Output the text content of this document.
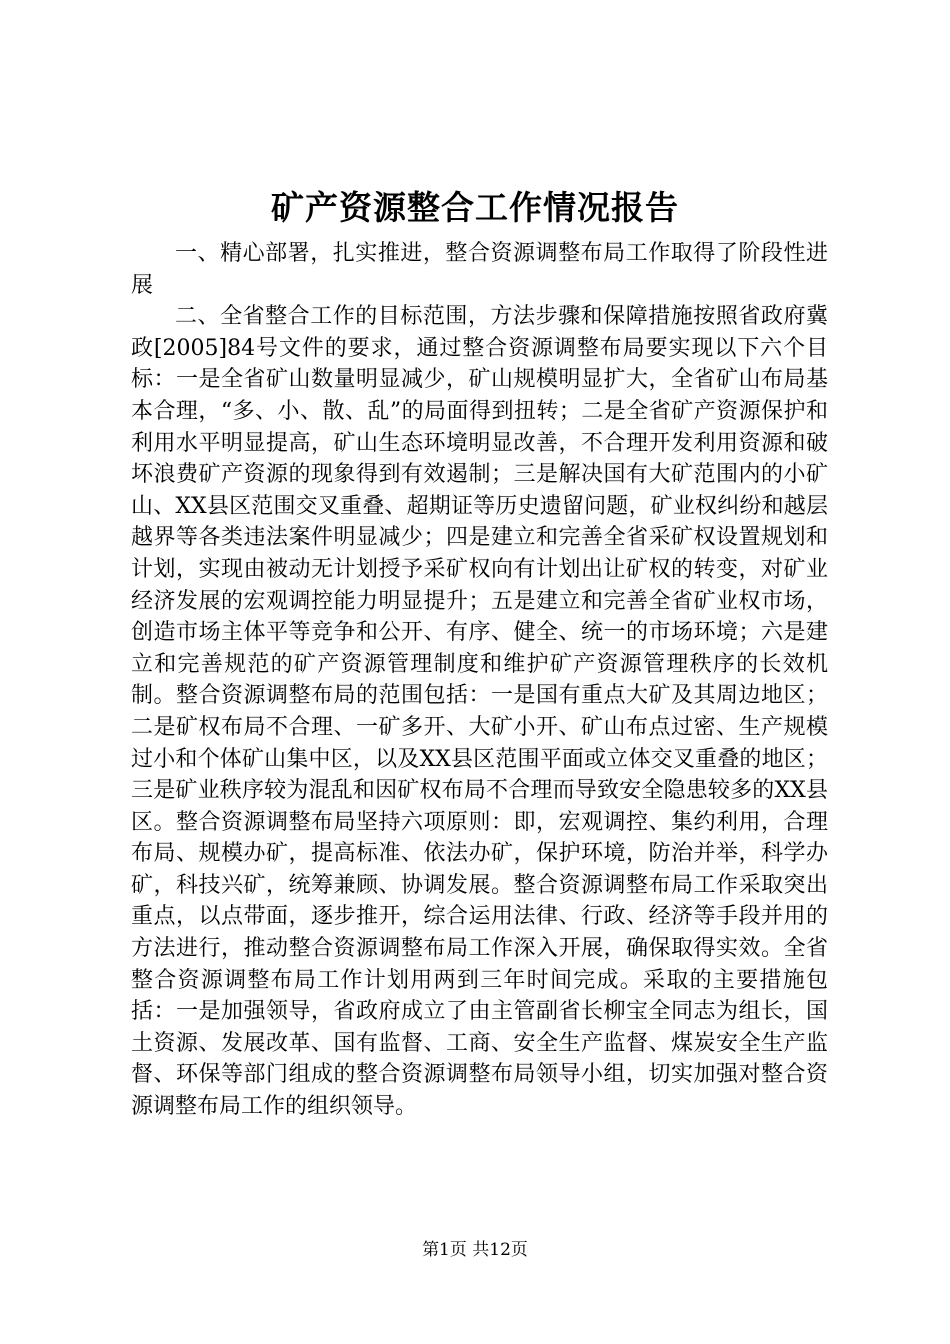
矿产资源整合工作情况报告

一、精心部署，扎实推进，整合资源调整布局工作取得了阶段性进展

二、全省整合工作的目标范围，方法步骤和保障措施按照省政府冀政[2005]84号文件的要求，通过整合资源调整布局要实现以下六个目标：一是全省矿山数量明显减少，矿山规模明显扩大，全省矿山布局基本合理，“多、小、散、乱”的局面得到扭转；二是全省矿产资源保护和利用水平明显提高，矿山生态环境明显改善，不合理开发利用资源和破坏浪费矿产资源的现象得到有效遏制；三是解决国有大矿范围内的小矿山、XX县区范围交叉重叠、超期证等历史遗留问题，矿业权纠纷和越层越界等各类违法案件明显减少；四是建立和完善全省采矿权设置规划和计划，实现由被动无计划授予采矿权向有计划出让矿权的转变，对矿业经济发展的宏观调控能力明显提升；五是建立和完善全省矿业权市场，创造市场主体平等竞争和公开、有序、健全、统一的市场环境；六是建立和完善规范的矿产资源管理制度和维护矿产资源管理秩序的长效机制。整合资源调整布局的范围包括：一是国有重点大矿及其周边地区；二是矿权布局不合理、一矿多开、大矿小开、矿山布点过密、生产规模过小和个体矿山集中区，以及XX县区范围平面或立体交叉重叠的地区；三是矿业秩序较为混乱和因矿权布局不合理而导致安全隐患较多的XX县区。整合资源调整布局坚持六项原则：即，宏观调控、集约利用，合理布局、规模办矿，提高标准、依法办矿，保护环境，防治并举，科学办矿，科技兴矿，统筹兼顾、协调发展。整合资源调整布局工作采取突出重点，以点带面，逐步推开，综合运用法律、行政、经济等手段并用的方法进行，推动整合资源调整布局工作深入开展，确保取得实效。全省整合资源调整布局工作计划用两到三年时间完成。采取的主要措施包括：一是加强领导，省政府成立了由主管副省长柳宝全同志为组长，国土资源、发展改革、国有监督、工商、安全生产监督、煤炭安全生产监督、环保等部门组成的整合资源调整布局领导小组，切实加强对整合资源调整布局工作的组织领导。

第1页 共12页
